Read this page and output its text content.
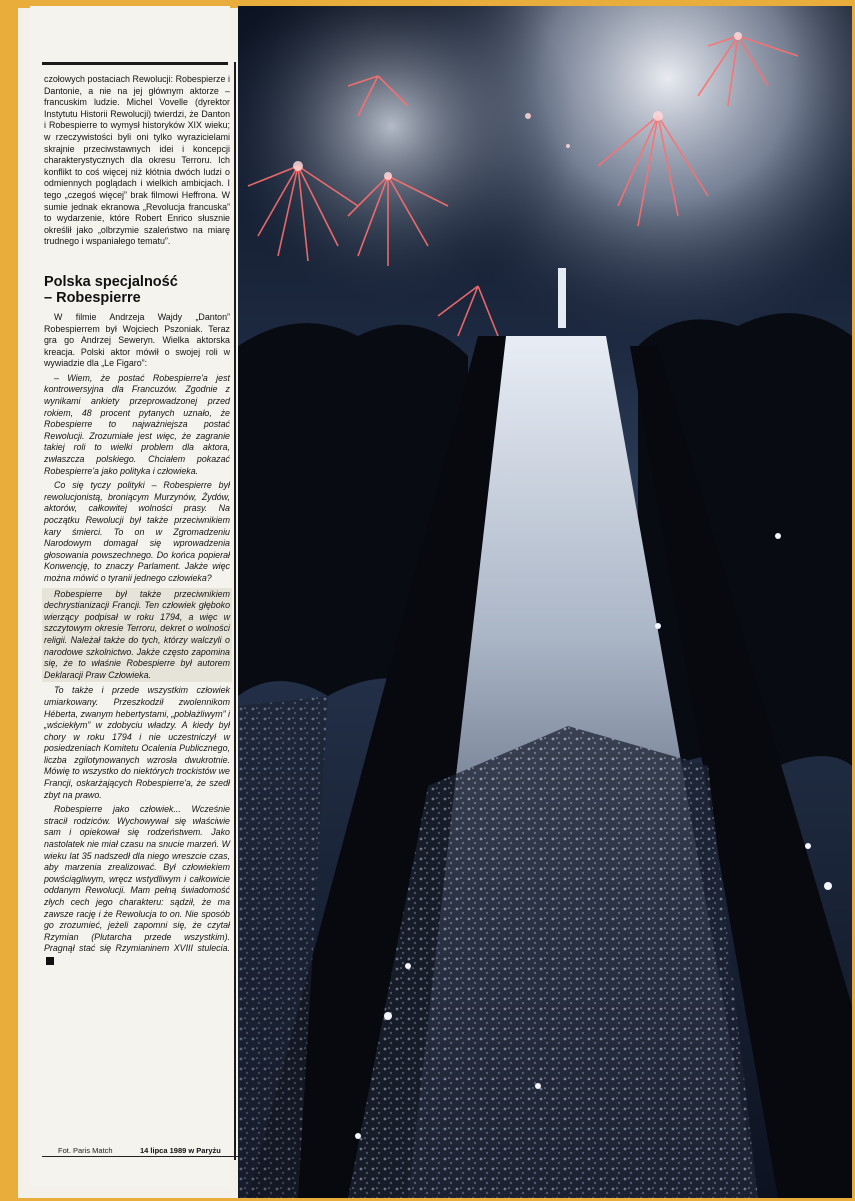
czołowych postaciach Rewolucji: Robespierze i Dantonie, a nie na jej głównym aktorze – francuskim ludzie. Michel Vovelle (dyrektor Instytutu Historii Rewolucji) twierdzi, że Danton i Robespierre to wymysł historyków XIX wieku; w rzeczywistości byli oni tylko wyrazicielami skrajnie przeciwstawnych idei i koncepcji charakterystycznych dla okresu Terroru. Ich konflikt to coś więcej niż kłótnia dwóch ludzi o odmiennych poglądach i wielkich ambicjach. I tego „czegoś więcej” brak filmowi Heffrona. W sumie jednak ekranowa „Revolucja francuska” to wydarzenie, które Robert Enrico słusznie określił jako „olbrzymie szaleństwo na miarę trudnego i wspaniałego tematu”.

Polska specjalność
– Robespierre

W filmie Andrzeja Wajdy „Danton” Robespierrem był Wojciech Pszoniak. Teraz gra go Andrzej Seweryn. Wielka aktorska kreacja. Polski aktor mówił o swojej roli w wywiadzie dla „Le Figaro”:

– Wiem, że postać Robespierre'a jest kontrowersyjna dla Francuzów. Zgodnie z wynikami ankiety przeprowadzonej przed rokiem, 48 procent pytanych uznało, że Robespierre to najważniejsza postać Rewolucji. Zrozumiałe jest więc, że zagranie takiej roli to wielki problem dla aktora, zwłaszcza polskiego. Chciałem pokazać Robespierre'a jako polityka i człowieka.

Co się tyczy polityki – Robespierre był rewolucjonistą, broniącym Murzynów, Żydów, aktorów, całkowitej wolności prasy. Na początku Rewolucji był także przeciwnikiem kary śmierci. To on w Zgromadzeniu Narodowym domagał się wprowadzenia głosowania powszechnego. Do końca popierał Konwencję, to znaczy Parlament. Jakże więc można mówić o tyranii jednego człowieka?

Robespierre był także przeciwnikiem dechrystianizacji Francji. Ten człowiek głęboko wierzący podpisał w roku 1794, a więc w szczytowym okresie Terroru, dekret o wolności religii. Należał także do tych, którzy walczyli o narodowe szkolnictwo. Jakże często zapomina się, że to właśnie Robespierre był autorem Deklaracji Praw Człowieka.

To także i przede wszystkim człowiek umiarkowany. Przeszkodził zwolennikom Héberta, zwanym hebertystami, „pobłażliwym” i „wściekłym” w zdobyciu władzy. A kiedy był chory w roku 1794 i nie uczestniczył w posiedzeniach Komitetu Ocalenia Publicznego, liczba zgilotynowanych wzrosła dwukrotnie. Mówię to wszystko do niektórych trockistów we Francji, oskarżających Robespierre'a, że szedł zbyt na prawo.

Robespierre jako człowiek... Wcześnie stracił rodziców. Wychowywał się właściwie sam i opiekował się rodzeństwem. Jako nastolatek nie miał czasu na snucie marzeń. W wieku lat 35 nadszedł dla niego wreszcie czas, aby marzenia zrealizować. Był człowiekiem powściągliwym, wręcz wstydliwym i całkowicie oddanym Rewolucji. Mam pełną świadomość złych cech jego charakteru: sądził, że ma zawsze rację i że Rewolucja to on. Nie sposób go zrozumieć, jeżeli zapomni się, że czytał Rzymian (Plutarcha przede wszystkim). Pragnął stać się Rzymianinem XVIII stulecia.

Fot. Paris Match	14 lipca 1989 w Paryżu
